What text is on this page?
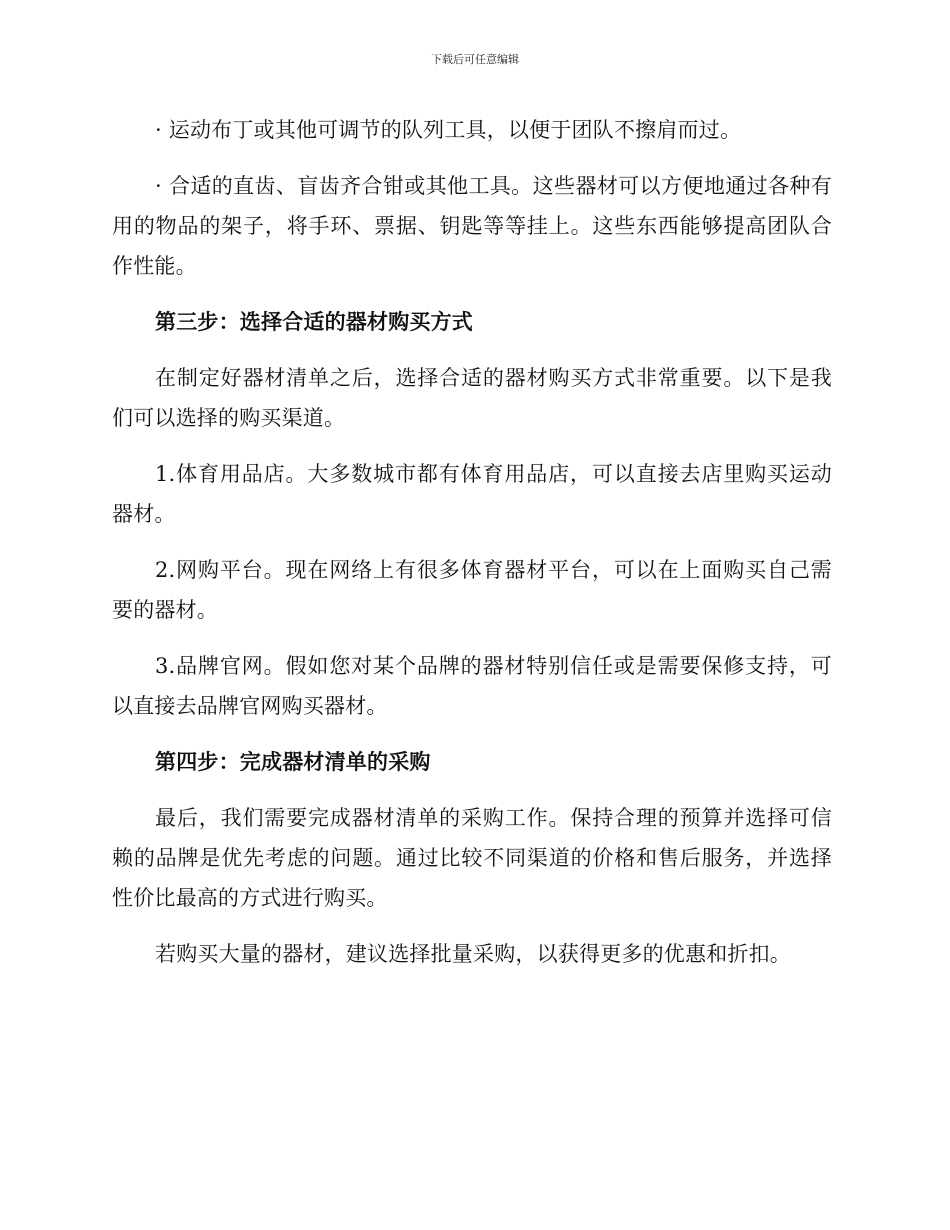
下载后可任意编辑

· 运动布丁或其他可调节的队列工具，以便于团队不擦肩而过。

· 合适的直齿、盲齿齐合钳或其他工具。这些器材可以方便地通过各种有用的物品的架子，将手环、票据、钥匙等等挂上。这些东西能够提高团队合作性能。

第三步：选择合适的器材购买方式

在制定好器材清单之后，选择合适的器材购买方式非常重要。以下是我们可以选择的购买渠道。

1.体育用品店。大多数城市都有体育用品店，可以直接去店里购买运动器材。

2.网购平台。现在网络上有很多体育器材平台，可以在上面购买自己需要的器材。

3.品牌官网。假如您对某个品牌的器材特别信任或是需要保修支持，可以直接去品牌官网购买器材。

第四步：完成器材清单的采购

最后，我们需要完成器材清单的采购工作。保持合理的预算并选择可信赖的品牌是优先考虑的问题。通过比较不同渠道的价格和售后服务，并选择性价比最高的方式进行购买。

若购买大量的器材，建议选择批量采购，以获得更多的优惠和折扣。
